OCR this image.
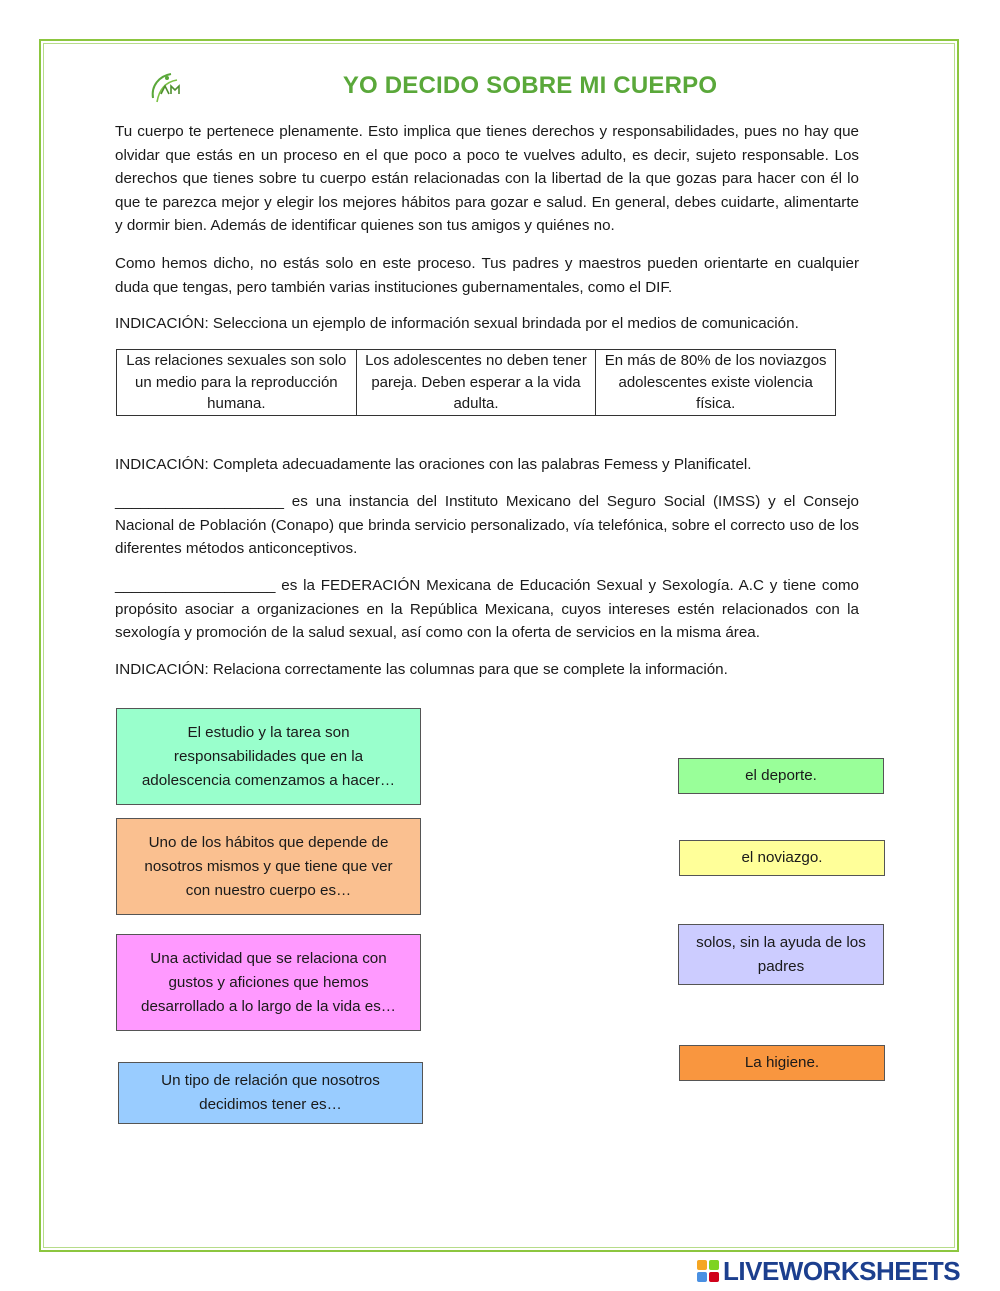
YO DECIDO SOBRE MI CUERPO

Tu cuerpo te pertenece plenamente. Esto implica que tienes derechos y responsabilidades, pues no hay que olvidar que estás en un proceso en el que poco a poco te vuelves adulto, es decir, sujeto responsable. Los derechos que tienes sobre tu cuerpo están relacionadas con la libertad de la que gozas para hacer con él lo que te parezca mejor y elegir los mejores hábitos para gozar e salud. En general, debes cuidarte, alimentarte y dormir bien. Además de identificar quienes son tus amigos y quiénes no.

Como hemos dicho, no estás solo en este proceso. Tus padres y maestros pueden orientarte en cualquier duda que tengas, pero también varias instituciones gubernamentales, como el DIF.

INDICACIÓN: Selecciona un ejemplo de información sexual brindada por el medios de comunicación.

Las relaciones sexuales son solo un medio para la reproducción humana.	Los adolescentes no deben tener pareja. Deben esperar a la vida adulta.	En más de 80% de los noviazgos adolescentes existe violencia física.

INDICACIÓN: Completa adecuadamente las oraciones con las palabras Femess y Planificatel.

____________________ es una instancia del Instituto Mexicano del Seguro Social (IMSS) y el Consejo Nacional de Población (Conapo) que brinda servicio personalizado, vía telefónica, sobre el correcto uso de los diferentes métodos anticonceptivos.

___________________ es la FEDERACIÓN Mexicana de Educación Sexual y Sexología. A.C y tiene como propósito asociar a organizaciones en la República Mexicana, cuyos intereses estén relacionados con la sexología y promoción de la salud sexual, así como con la oferta de servicios en la misma área.

INDICACIÓN: Relaciona correctamente las columnas para que se complete la información.

El estudio y la tarea son responsabilidades que en la adolescencia comenzamos a hacer…
Uno de los hábitos que depende de nosotros mismos y que tiene que ver con nuestro cuerpo es…
Una actividad que se relaciona con gustos y aficiones que hemos desarrollado a lo largo de la vida es…
Un tipo de relación que nosotros decidimos tener es…
el deporte.
el noviazgo.
solos, sin la ayuda de los padres
La higiene.
LIVEWORKSHEETS
